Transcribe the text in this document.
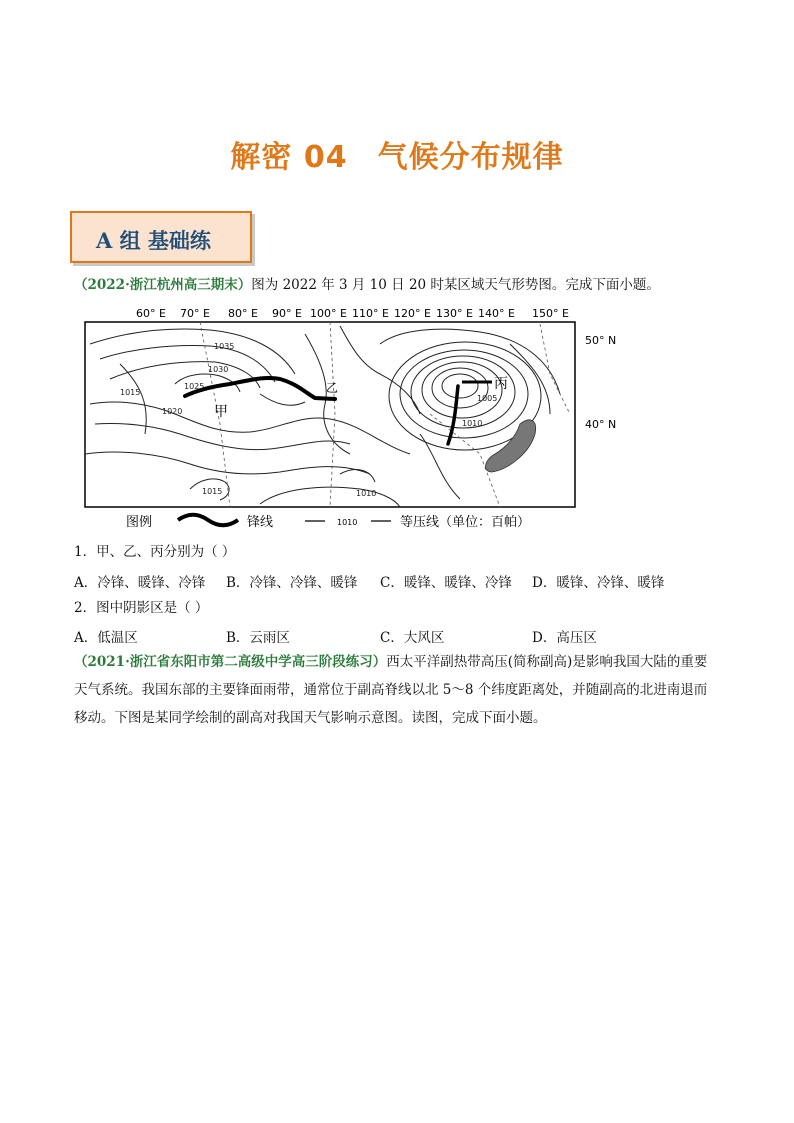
解密 04 气候分布规律
A 组 基础练
（2022·浙江杭州高三期末）图为 2022 年 3 月 10 日 20 时某区域天气形势图。完成下面小题。
60° E 70° E 80° E 90° E 100° E 110° E 120° E 130° E 140° E 150° E
50° N
40° N
甲
乙	丙
1035
1030
1025
1020
1015
1005
1010
1015	1010
图例	锋线	1010	等压线（单位：百帕）
1．甲、乙、丙分别为（ ）
A．冷锋、暖锋、冷锋 B．冷锋、冷锋、暖锋 C．暖锋、暖锋、冷锋 D．暖锋、冷锋、暖锋
2．图中阴影区是（ ）
A．低温区	B．云雨区	C．大风区	D．高压区
（2021·浙江省东阳市第二高级中学高三阶段练习）西太平洋副热带高压(简称副高)是影响我国大陆的重要
天气系统。我国东部的主要锋面雨带，通常位于副高脊线以北 5～8 个纬度距离处，并随副高的北进南退而
移动。下图是某同学绘制的副高对我国天气影响示意图。读图，完成下面小题。
